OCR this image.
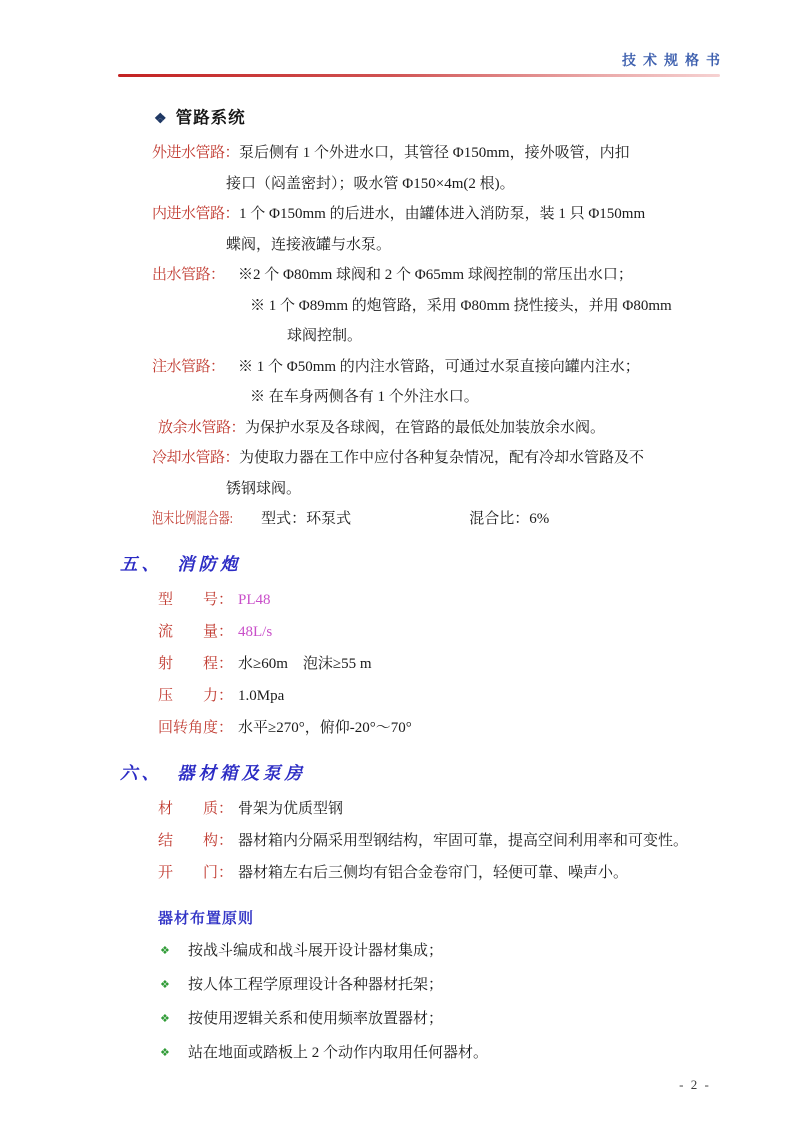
技术规格书
❖ 管路系统
外进水管路： 泵后侧有 1 个外进水口，其管径 Φ150mm，接外吸管，内扣
接口（闷盖密封）；吸水管 Φ150×4m(2 根)。
内进水管路： 1 个 Φ150mm 的后进水，由罐体进入消防泵，装 1 只 Φ150mm
蝶阀，连接液罐与水泵。
出水管路： ※2 个 Φ80mm 球阀和 2 个 Φ65mm 球阀控制的常压出水口；
※ 1 个 Φ89mm 的炮管路，采用 Φ80mm 挠性接头，并用 Φ80mm
球阀控制。
注水管路： ※ 1 个 Φ50mm 的内注水管路，可通过水泵直接向罐内注水；
※ 在车身两侧各有 1 个外注水口。
放余水管路： 为保护水泵及各球阀，在管路的最低处加装放余水阀。
冷却水管路： 为使取力器在工作中应付各种复杂情况，配有冷却水管路及不
锈钢球阀。
泡末比例混合器: 型式：环泵式	混合比：6%
五、 消防炮
型　　号： PL48
流　　量： 48L/s
射　　程： 水≥60m　泡沫≥55 m
压　　力： 1.0Mpa
回转角度： 水平≥270°，俯仰-20°～70°
六、 器材箱及泵房
材　　质： 骨架为优质型钢
结　　构： 器材箱内分隔采用型钢结构，牢固可靠，提高空间利用率和可变性。
开　　门： 器材箱左右后三侧均有铝合金卷帘门，轻便可靠、噪声小。
器材布置原则
❖	按战斗编成和战斗展开设计器材集成；
❖	按人体工程学原理设计各种器材托架；
❖	按使用逻辑关系和使用频率放置器材；
❖	站在地面或踏板上 2 个动作内取用任何器材。
- 2 -
